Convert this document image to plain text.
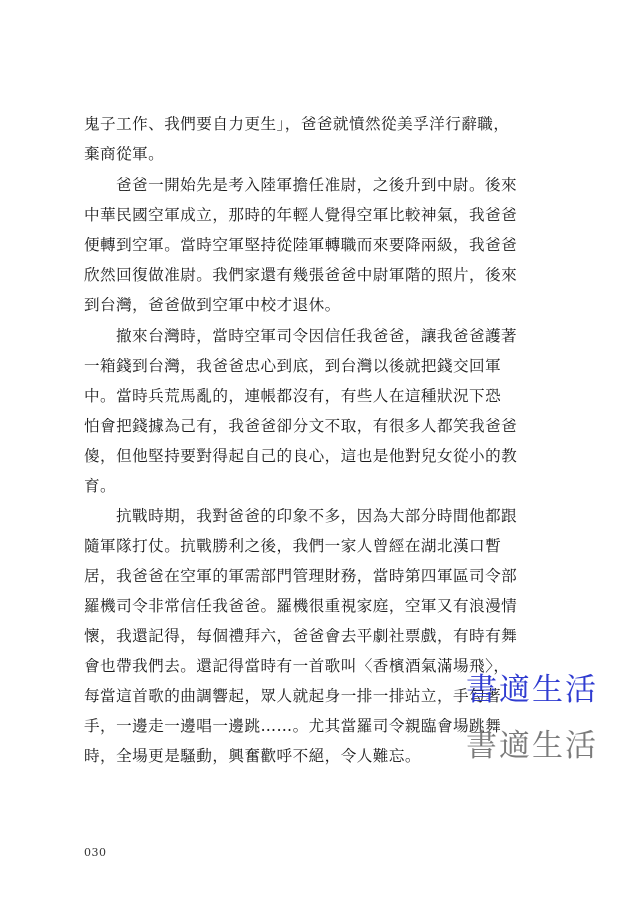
鬼子工作、我們要自力更生」，爸爸就憤然從美孚洋行辭職，
棄商從軍。
爸爸一開始先是考入陸軍擔任准尉，之後升到中尉。後來
中華民國空軍成立，那時的年輕人覺得空軍比較神氣，我爸爸
便轉到空軍。當時空軍堅持從陸軍轉職而來要降兩級，我爸爸
欣然回復做准尉。我們家還有幾張爸爸中尉軍階的照片，後來
到台灣，爸爸做到空軍中校才退休。
撤來台灣時，當時空軍司令因信任我爸爸，讓我爸爸護著
一箱錢到台灣，我爸爸忠心到底，到台灣以後就把錢交回軍
中。當時兵荒馬亂的，連帳都沒有，有些人在這種狀況下恐
怕會把錢據為己有，我爸爸卻分文不取，有很多人都笑我爸爸
傻，但他堅持要對得起自己的良心，這也是他對兒女從小的教
育。
抗戰時期，我對爸爸的印象不多，因為大部分時間他都跟
隨軍隊打仗。抗戰勝利之後，我們一家人曾經在湖北漢口暫
居，我爸爸在空軍的軍需部門管理財務，當時第四軍區司令部
羅機司令非常信任我爸爸。羅機很重視家庭，空軍又有浪漫情
懷，我還記得，每個禮拜六，爸爸會去平劇社票戲，有時有舞
會也帶我們去。還記得當時有一首歌叫〈香檳酒氣滿場飛〉，
每當這首歌的曲調響起，眾人就起身一排一排站立，手勾著
手，一邊走一邊唱一邊跳……。尤其當羅司令親臨會場跳舞
時，全場更是騷動，興奮歡呼不絕，令人難忘。
書適生活
書適生活
030
